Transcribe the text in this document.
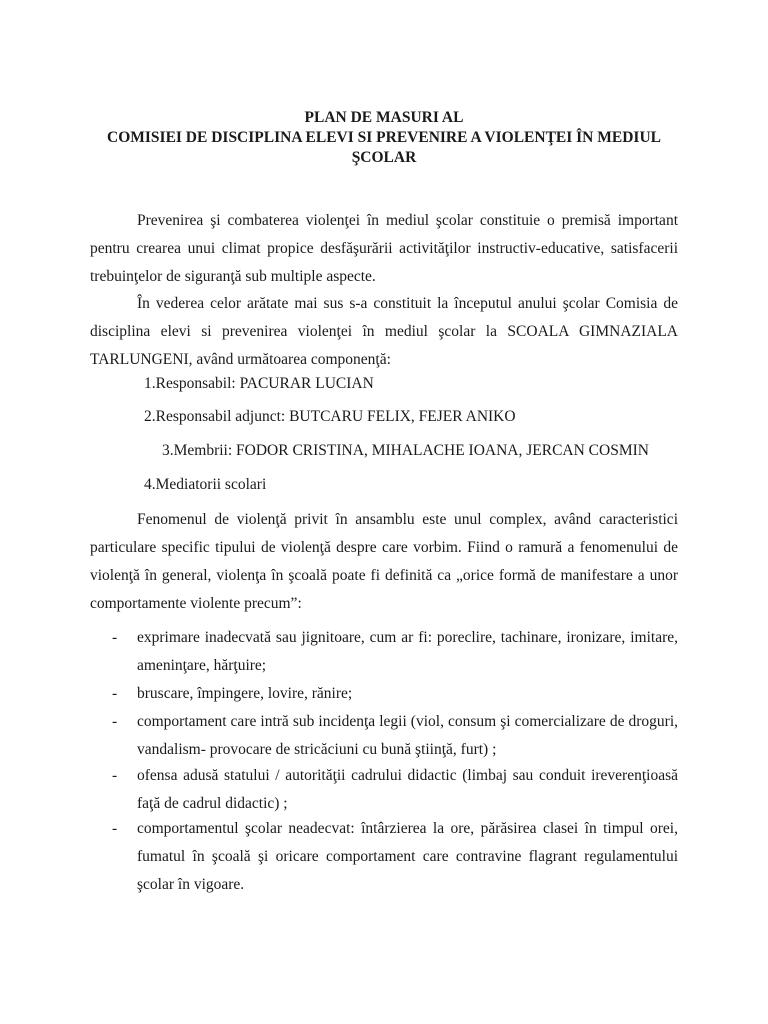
PLAN DE MASURI AL
COMISIEI DE DISCIPLINA ELEVI SI PREVENIRE A VIOLENŢEI ÎN MEDIUL
ŞCOLAR
Prevenirea şi combaterea violenţei în mediul şcolar constituie o premisă important pentru crearea unui climat propice desfăşurării activităţilor instructiv-educative, satisfacerii trebuinţelor de siguranţă sub multiple aspecte.
În vederea celor arătate mai sus s-a constituit la începutul anului şcolar Comisia de disciplina elevi si prevenirea violenţei în mediul şcolar la SCOALA GIMNAZIALA TARLUNGENI, având următoarea componenţă:
1.Responsabil: PACURAR LUCIAN
2.Responsabil adjunct: BUTCARU FELIX, FEJER ANIKO
3.Membrii: FODOR CRISTINA, MIHALACHE IOANA, JERCAN COSMIN
4.Mediatorii scolari
Fenomenul de violenţă privit în ansamblu este unul complex, având caracteristici particulare specific tipului de violenţă despre care vorbim. Fiind o ramură a fenomenului de violenţă în general, violenţa în şcoală poate fi definită ca „orice formă de manifestare a unor comportamente violente precum”:
- exprimare inadecvată sau jignitoare, cum ar fi: poreclire, tachinare, ironizare, imitare, ameninţare, hărţuire;
- bruscare, împingere, lovire, rănire;
- comportament care intră sub incidenţa legii (viol, consum şi comercializare de droguri, vandalism- provocare de stricăciuni cu bună ştiinţă, furt) ;
- ofensa adusă statului / autorităţii cadrului didactic (limbaj sau conduit ireverenţioasă faţă de cadrul didactic) ;
- comportamentul şcolar neadecvat: întârzierea la ore, părăsirea clasei în timpul orei, fumatul în şcoală şi oricare comportament care contravine flagrant regulamentului şcolar în vigoare.
